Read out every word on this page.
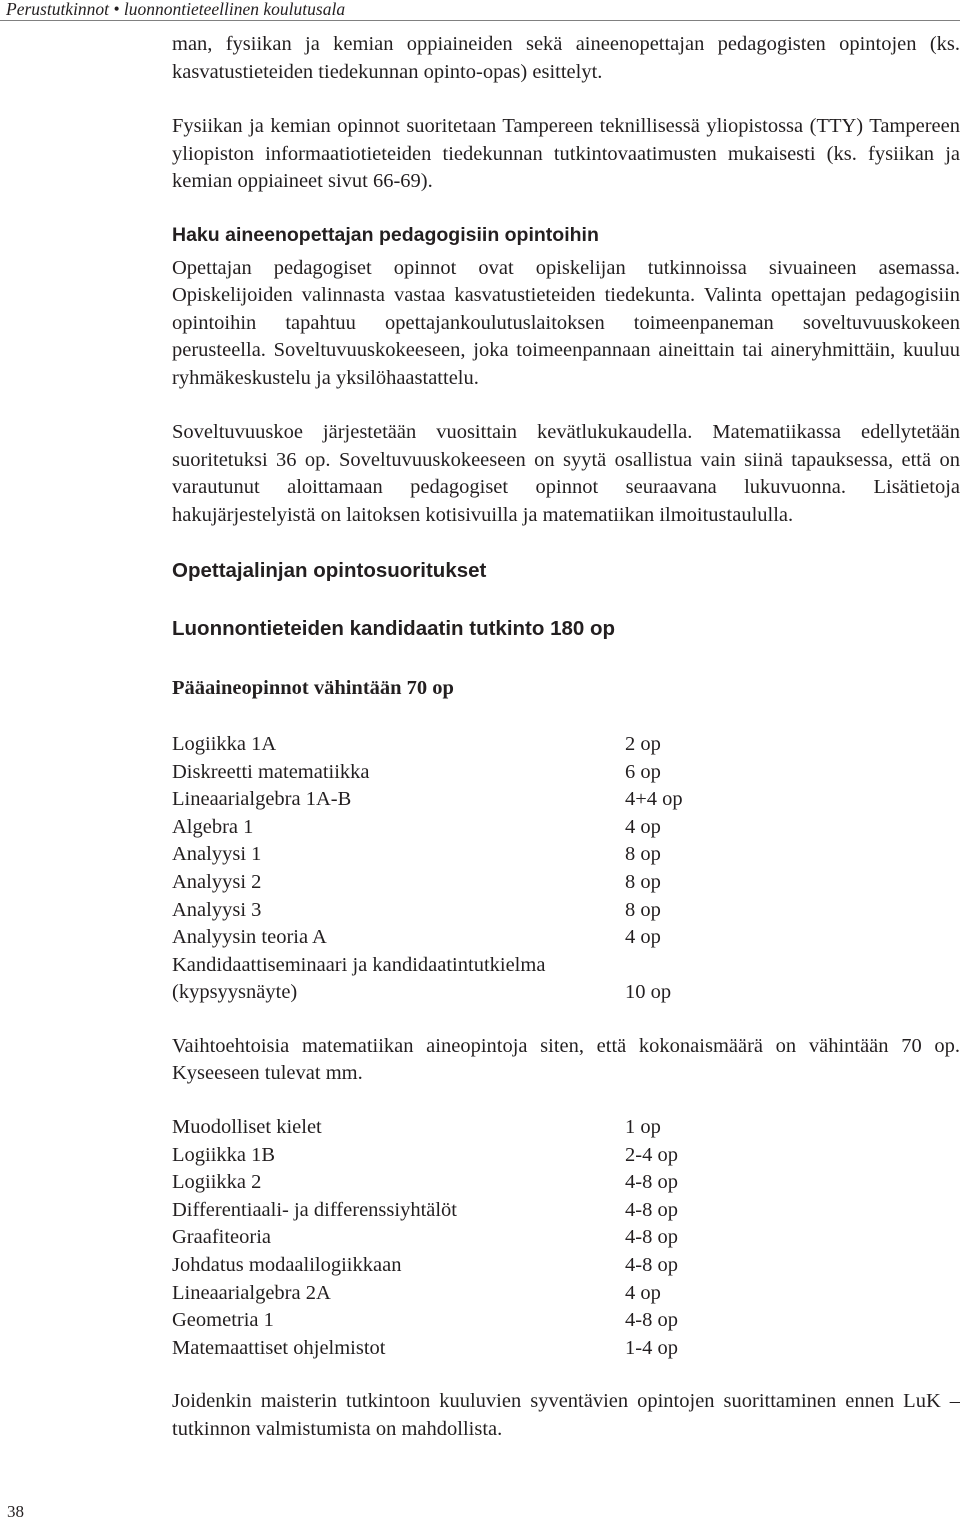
Perustutkinnot • luonnontieteellinen koulutusala

man, fysiikan ja kemian oppiaineiden sekä aineenopettajan pedagogisten opintojen (ks. kasvatustieteiden tiedekunnan opinto-opas) esittelyt.

Fysiikan ja kemian opinnot suoritetaan Tampereen teknillisessä yliopistossa (TTY) Tampereen yliopiston informaatiotieteiden tiedekunnan tutkintovaatimusten mukaisesti (ks. fysiikan ja kemian oppiaineet sivut 66-69).

Haku aineenopettajan pedagogisiin opintoihin

Opettajan pedagogiset opinnot ovat opiskelijan tutkinnoissa sivuaineen asemassa. Opiskelijoiden valinnasta vastaa kasvatustieteiden tiedekunta. Valinta opettajan pedagogisiin opintoihin tapahtuu opettajankoulutuslaitoksen toimeenpaneman soveltuvuuskokeen perusteella. Soveltuvuuskokeeseen, joka toimeenpannaan aineittain tai aineryhmittäin, kuuluu ryhmäkeskustelu ja yksilöhaastattelu.

Soveltuvuuskoe järjestetään vuosittain kevätlukukaudella. Matematiikassa edellytetään suoritetuksi 36 op. Soveltuvuuskokeeseen on syytä osallistua vain siinä tapauksessa, että on varautunut aloittamaan pedagogiset opinnot seuraavana lukuvuonna. Lisätietoja hakujärjestelyistä on laitoksen kotisivuilla ja matematiikan ilmoitustaululla.

Opettajalinjan opintosuoritukset
Luonnontieteiden kandidaatin tutkinto 180 op
Pääaineopinnot vähintään 70 op
Logiikka 1A	2 op
Diskreetti matematiikka	6 op
Lineaarialgebra 1A-B	4+4 op
Algebra 1	4 op
Analyysi 1	8 op
Analyysi 2	8 op
Analyysi 3	8 op
Analyysin teoria A	4 op
Kandidaattiseminaari ja kandidaatintutkielma (kypsyysnäyte)	10 op

Vaihtoehtoisia matematiikan aineopintoja siten, että kokonaismäärä on vähintään 70 op. Kyseeseen tulevat mm.

Muodolliset kielet	1 op
Logiikka 1B	2-4 op
Logiikka 2	4-8 op
Differentiaali- ja differenssiyhtälöt	4-8 op
Graafiteoria	4-8 op
Johdatus modaalilogiikkaan	4-8 op
Lineaarialgebra 2A	4 op
Geometria 1	4-8 op
Matemaattiset ohjelmistot	1-4 op

Joidenkin maisterin tutkintoon kuuluvien syventävien opintojen suorittaminen ennen LuK –tutkinnon valmistumista on mahdollista.

38
